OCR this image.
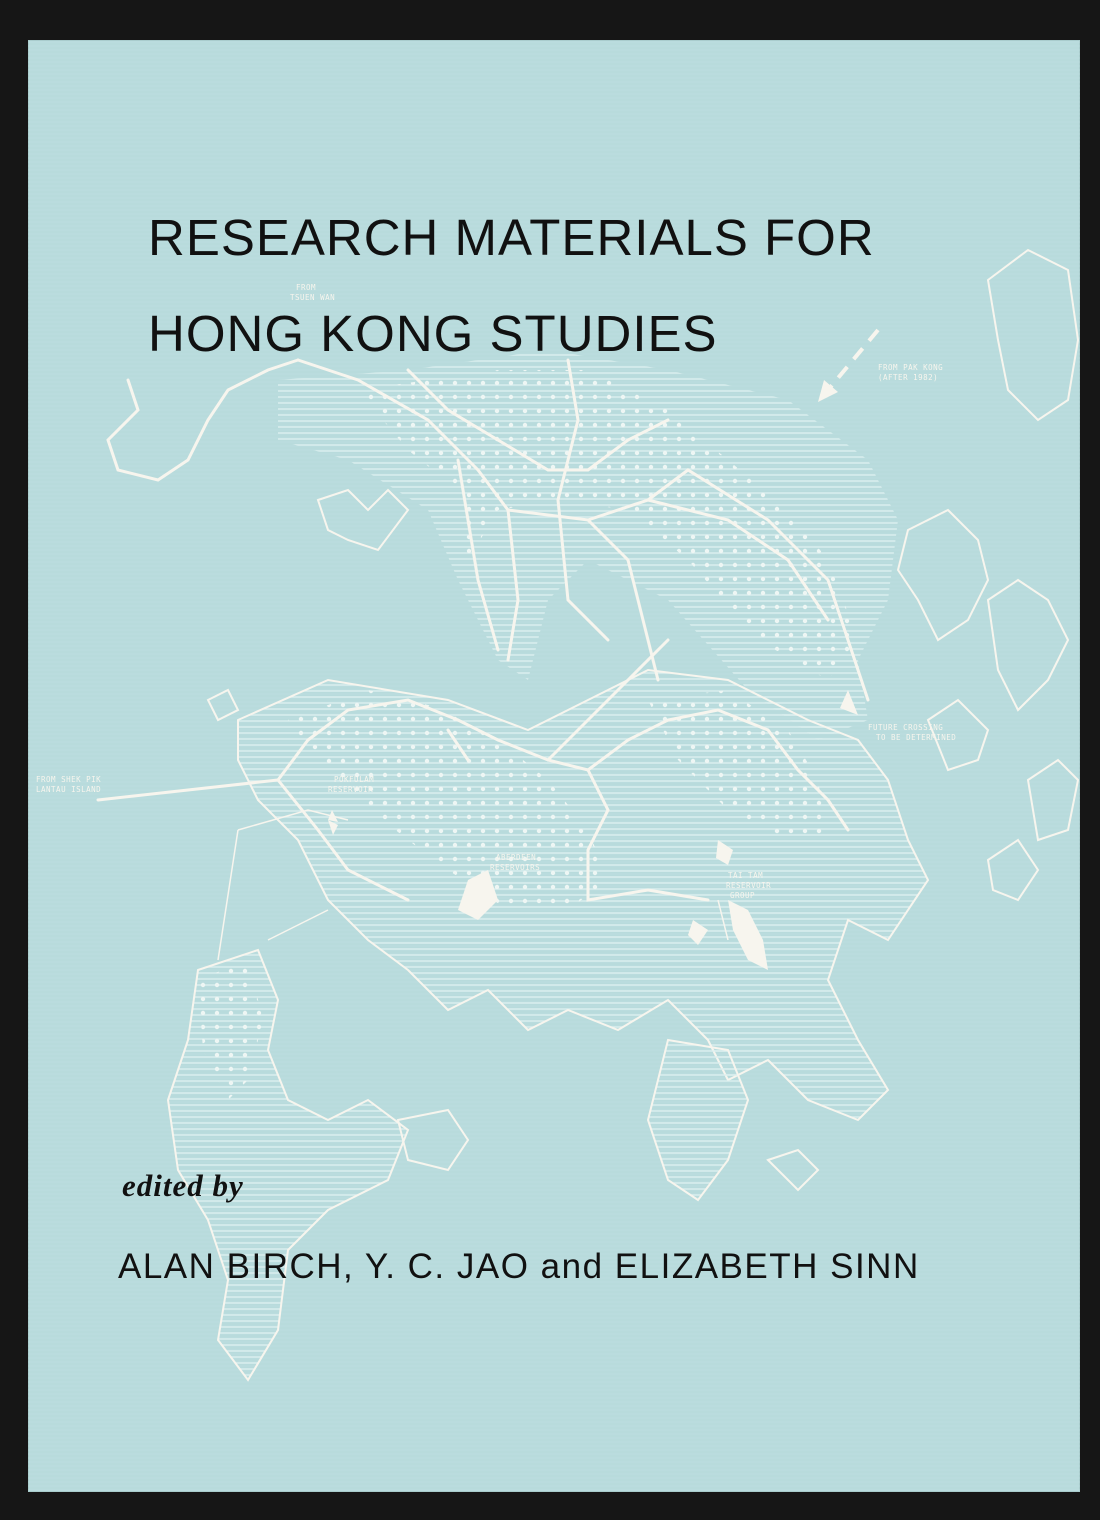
FROM TSUEN WAN
FROM PAK KONG (AFTER 1982)
FUTURE CROSSING TO BE DETERMINED
FROM SHEK PIK LANTAU ISLAND
POKFULAM RESERVOIR
ABERDEEN RESERVOIRS
TAI TAM RESERVOIR GROUP
RESEARCH MATERIALS FOR
HONG KONG STUDIES
edited by
ALAN BIRCH, Y. C. JAO and ELIZABETH SINN
